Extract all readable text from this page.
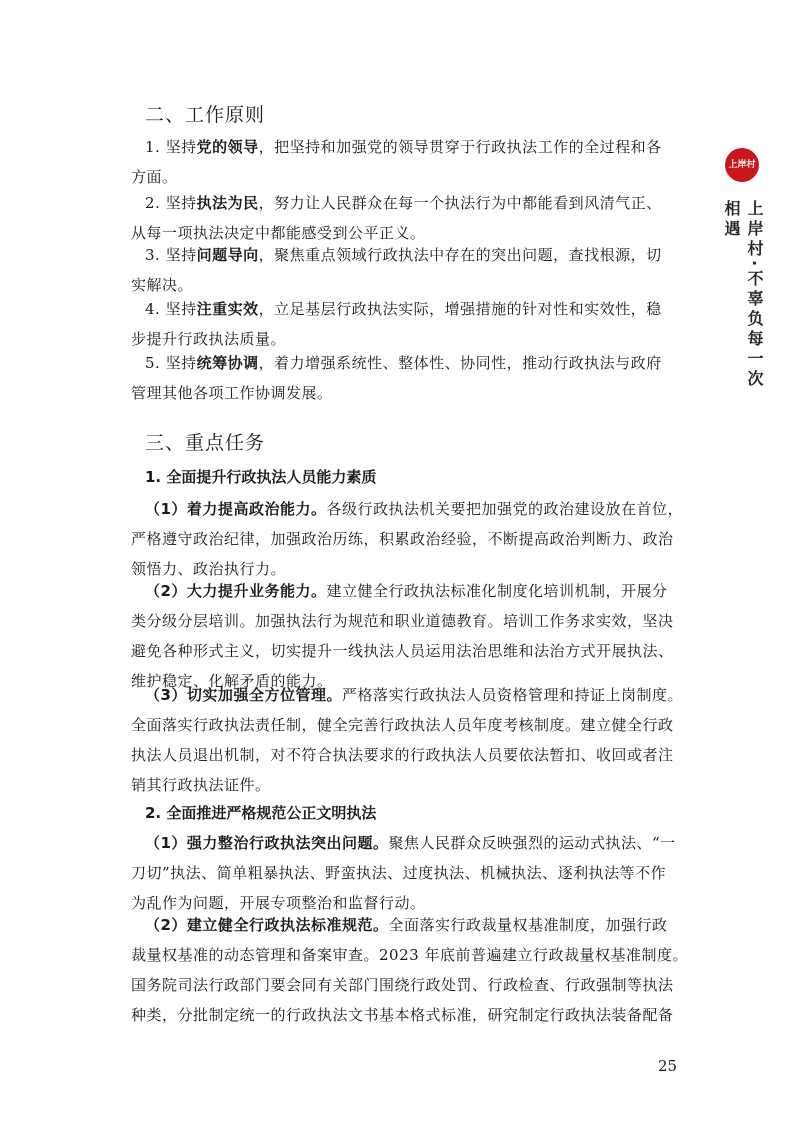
二、工作原则
1. 坚持党的领导，把坚持和加强党的领导贯穿于行政执法工作的全过程和各
方面。
2. 坚持执法为民，努力让人民群众在每一个执法行为中都能看到风清气正、
从每一项执法决定中都能感受到公平正义。
3. 坚持问题导向，聚焦重点领域行政执法中存在的突出问题，查找根源，切
实解决。
4. 坚持注重实效，立足基层行政执法实际，增强措施的针对性和实效性，稳
步提升行政执法质量。
5. 坚持统筹协调，着力增强系统性、整体性、协同性，推动行政执法与政府
管理其他各项工作协调发展。
三、重点任务
1. 全面提升行政执法人员能力素质
（1）着力提高政治能力。各级行政执法机关要把加强党的政治建设放在首位，
严格遵守政治纪律，加强政治历练，积累政治经验，不断提高政治判断力、政治
领悟力、政治执行力。
（2）大力提升业务能力。建立健全行政执法标准化制度化培训机制，开展分
类分级分层培训。加强执法行为规范和职业道德教育。培训工作务求实效，坚决
避免各种形式主义，切实提升一线执法人员运用法治思维和法治方式开展执法、
维护稳定、化解矛盾的能力。
（3）切实加强全方位管理。严格落实行政执法人员资格管理和持证上岗制度。
全面落实行政执法责任制，健全完善行政执法人员年度考核制度。建立健全行政
执法人员退出机制，对不符合执法要求的行政执法人员要依法暂扣、收回或者注
销其行政执法证件。
2. 全面推进严格规范公正文明执法
（1）强力整治行政执法突出问题。聚焦人民群众反映强烈的运动式执法、“一
刀切”执法、简单粗暴执法、野蛮执法、过度执法、机械执法、逐利执法等不作
为乱作为问题，开展专项整治和监督行动。
（2）建立健全行政执法标准规范。全面落实行政裁量权基准制度，加强行政
裁量权基准的动态管理和备案审查。2023 年底前普遍建立行政裁量权基准制度。
国务院司法行政部门要会同有关部门围绕行政处罚、行政检查、行政强制等执法
种类，分批制定统一的行政执法文书基本格式标准，研究制定行政执法装备配备
上岸村
上岸村·不辜负每一次相遇
25
